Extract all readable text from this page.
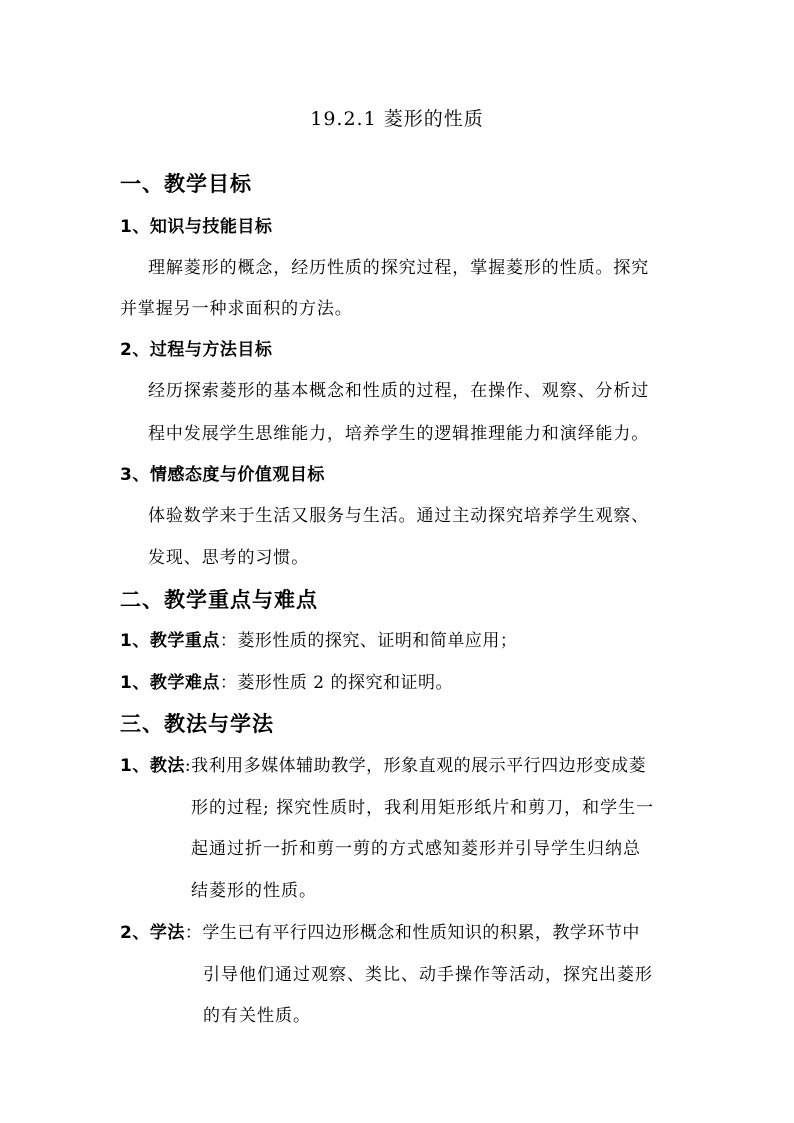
19.2.1 菱形的性质
一、教学目标
1、知识与技能目标
理解菱形的概念，经历性质的探究过程，掌握菱形的性质。探究
并掌握另一种求面积的方法。
2、过程与方法目标
经历探索菱形的基本概念和性质的过程，在操作、观察、分析过
程中发展学生思维能力，培养学生的逻辑推理能力和演绎能力。
3、情感态度与价值观目标
体验数学来于生活又服务与生活。通过主动探究培养学生观察、
发现、思考的习惯。
二、教学重点与难点
1、教学重点：菱形性质的探究、证明和简单应用；
1、教学难点：菱形性质 2 的探究和证明。
三、教法与学法
1、教法:我利用多媒体辅助教学，形象直观的展示平行四边形变成菱
形的过程; 探究性质时，我利用矩形纸片和剪刀，和学生一
起通过折一折和剪一剪的方式感知菱形并引导学生归纳总
结菱形的性质。
2、学法：学生已有平行四边形概念和性质知识的积累，教学环节中
引导他们通过观察、类比、动手操作等活动，探究出菱形
的有关性质。
